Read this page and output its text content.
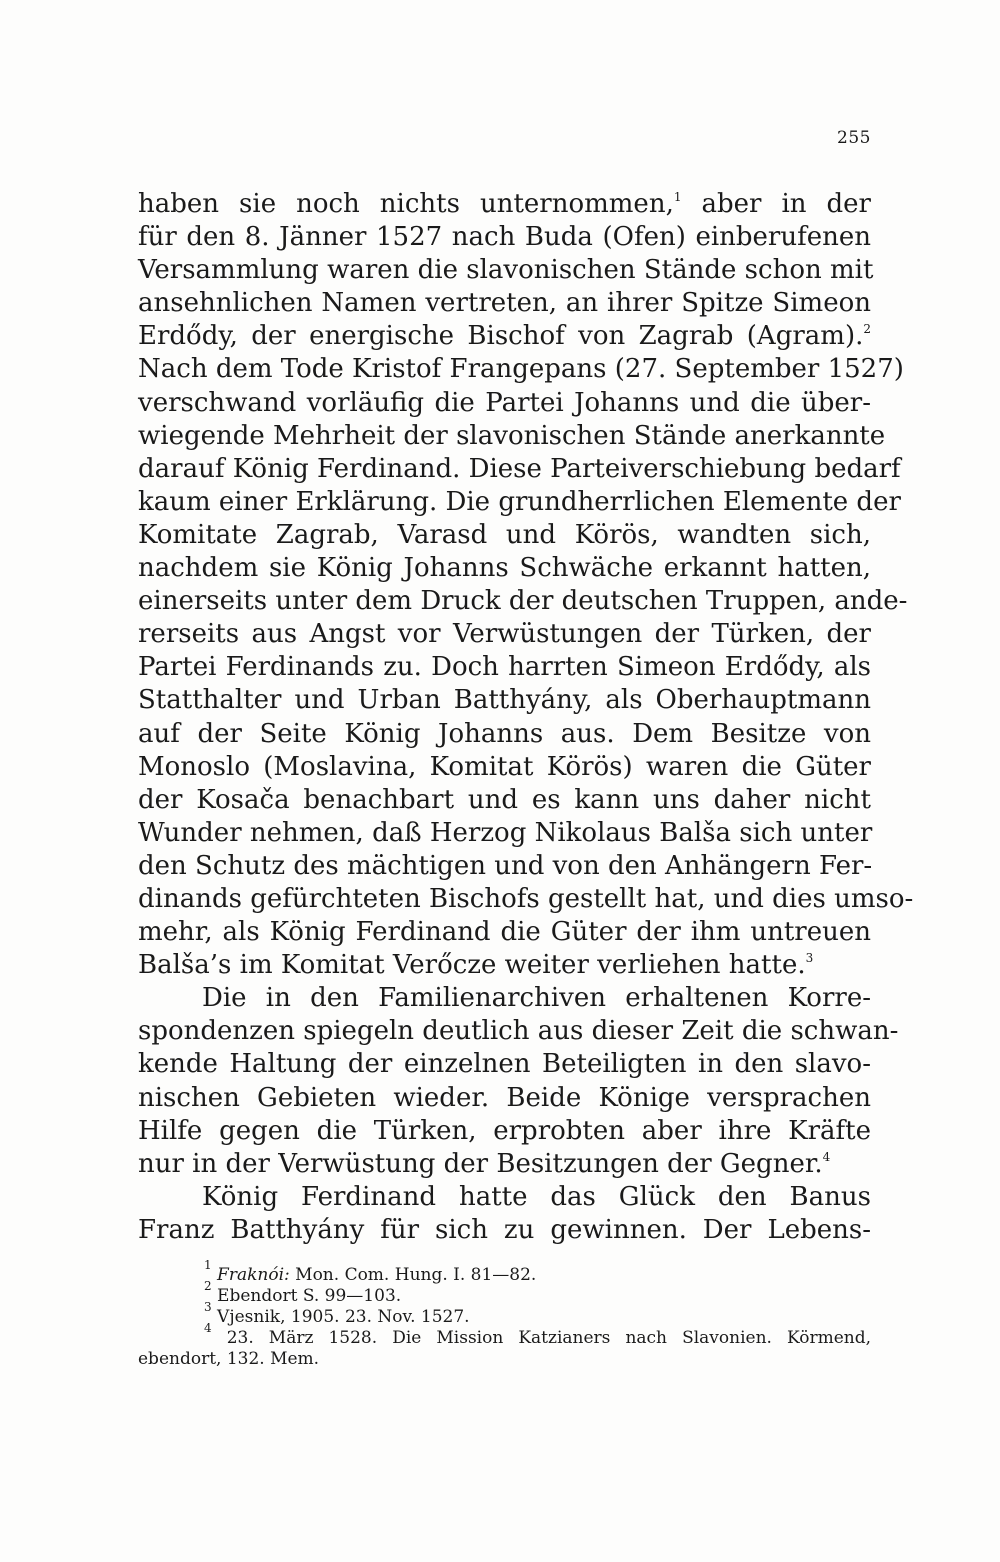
255
haben sie noch nichts unternommen,$^1$ aber in der
für den 8. Jänner 1527 nach Buda (Ofen) einberufenen
Versammlung waren die slavonischen Stände schon mit
ansehnlichen Namen vertreten, an ihrer Spitze Simeon
Erdődy, der energische Bischof von Zagrab (Agram).$^2$
Nach dem Tode Kristof Frangepans (27. September 1527)
verschwand vorläufig die Partei Johanns und die über-
wiegende Mehrheit der slavonischen Stände anerkannte
darauf König Ferdinand. Diese Parteiverschiebung bedarf
kaum einer Erklärung. Die grundherrlichen Elemente der
Komitate Zagrab, Varasd und Körös, wandten sich,
nachdem sie König Johanns Schwäche erkannt hatten,
einerseits unter dem Druck der deutschen Truppen, ande-
rerseits aus Angst vor Verwüstungen der Türken, der
Partei Ferdinands zu. Doch harrten Simeon Erdődy, als
Statthalter und Urban Batthyány, als Oberhauptmann
auf der Seite König Johanns aus. Dem Besitze von
Monoslo (Moslavina, Komitat Körös) waren die Güter
der Kosača benachbart und es kann uns daher nicht
Wunder nehmen, daß Herzog Nikolaus Balša sich unter
den Schutz des mächtigen und von den Anhängern Fer-
dinands gefürchteten Bischofs gestellt hat, und dies umso-
mehr, als König Ferdinand die Güter der ihm untreuen
Balša’s im Komitat Verőcze weiter verliehen hatte.$^3$
Die in den Familienarchiven erhaltenen Korre-
spondenzen spiegeln deutlich aus dieser Zeit die schwan-
kende Haltung der einzelnen Beteiligten in den slavo-
nischen Gebieten wieder. Beide Könige versprachen
Hilfe gegen die Türken, erprobten aber ihre Kräfte
nur in der Verwüstung der Besitzungen der Gegner.$^4$
König Ferdinand hatte das Glück den Banus
Franz Batthyány für sich zu gewinnen. Der Lebens-
$^1$ Fraknói: Mon. Com. Hung. I. 81—82.
$^2$ Ebendort S. 99—103.
$^3$ Vjesnik, 1905. 23. Nov. 1527.
$^4$ 23. März 1528. Die Mission Katzianers nach Slavonien. Körmend,
ebendort, 132. Mem.
